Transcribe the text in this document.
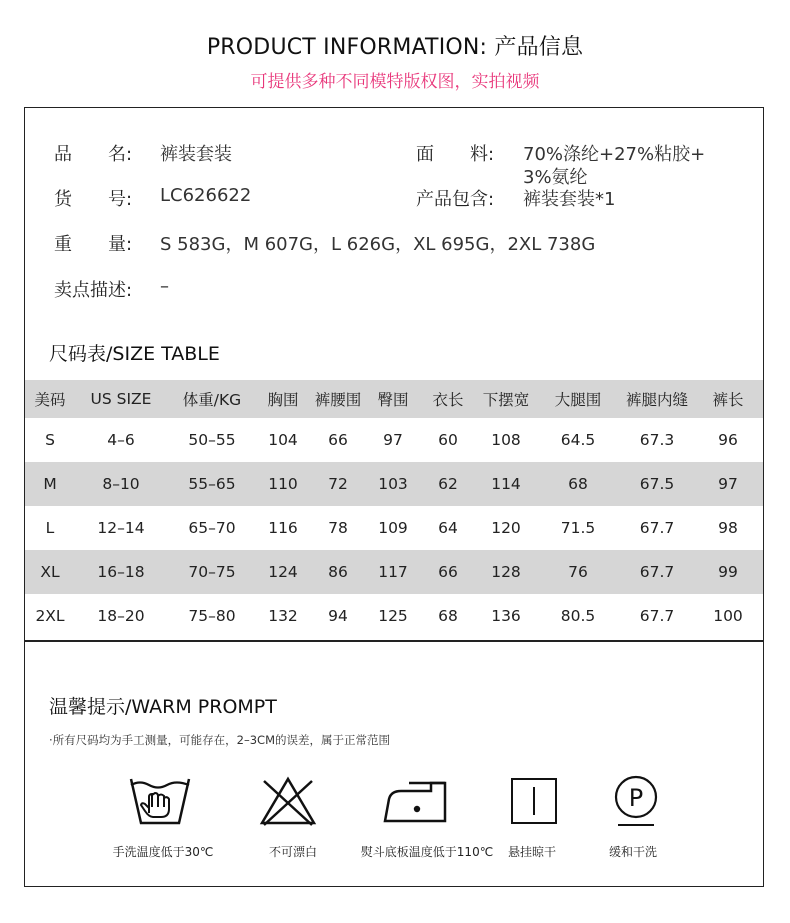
PRODUCT INFORMATION: 产品信息
可提供多种不同模特版权图，实拍视频
品　　名: 裤装套装	面　　料: 70%涤纶+27%粘胶+
3%氨纶
货　　号: LC626622	产品包含: 裤装套装*1
重　　量: S 583G，M 607G，L 626G，XL 695G，2XL 738G
卖点描述: –
尺码表/SIZE TABLE
美码	US SIZE	体重/KG	胸围	裤腰围	臀围	衣长	下摆宽	大腿围	裤腿内缝	裤长
S	4–6	50–55	104	66	97	60	108	64.5	67.3	96
M	8–10	55–65	110	72	103	62	114	68	67.5	97
L	12–14	65–70	116	78	109	64	120	71.5	67.7	98
XL	16–18	70–75	124	86	117	66	128	76	67.7	99
2XL	18–20	75–80	132	94	125	68	136	80.5	67.7	100
温馨提示/WARM PROMPT
·所有尺码均为手工测量，可能存在，2–3CM的误差，属于正常范围
P
手洗温度低于30℃	不可漂白	熨斗底板温度低于110℃	悬挂晾干	缓和干洗
